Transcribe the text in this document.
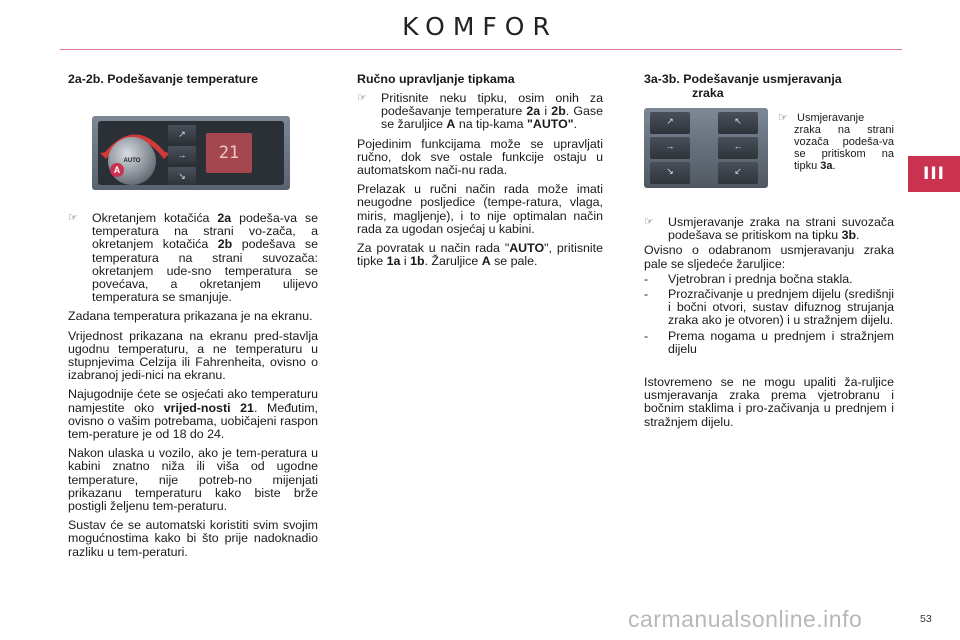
KOMFOR
III
2a-2b. Podešavanje temperature
AUTO
A
↗
→
↘
21
☞ Okretanjem kotačića 2a podeša-va se temperatura na strani vo-zača, a okretanjem kotačića 2b podešava se temperatura na strani suvozača: okretanjem ude-sno temperatura se povećava, a okretanjem ulijevo temperatura se smanjuje.

Zadana temperatura prikazana je na ekranu.

Vrijednost prikazana na ekranu pred-stavlja ugodnu temperaturu, a ne temperaturu u stupnjevima Celzija ili Fahrenheita, ovisno o izabranoj jedi-nici na ekranu.

Najugodnije ćete se osjećati ako temperaturu namjestite oko vrijed-nosti 21. Međutim, ovisno o vašim potrebama, uobičajeni raspon tem-perature je od 18 do 24.

Nakon ulaska u vozilo, ako je tem-peratura u kabini znatno niža ili viša od ugodne temperature, nije potreb-no mijenjati prikazanu temperaturu kako biste brže postigli željenu tem-peraturu.

Sustav će se automatski koristiti svim svojim mogućnostima kako bi što prije nadoknadio razliku u tem-peraturi.

Ručno upravljanje tipkama
☞ Pritisnite neku tipku, osim onih za podešavanje temperature 2a i 2b. Gase se žaruljice A na tip-kama "AUTO".

Pojedinim funkcijama može se upravljati ručno, dok sve ostale funkcije ostaju u automatskom nači-nu rada.

Prelazak u ručni način rada može imati neugodne posljedice (tempe-ratura, vlaga, miris, magljenje), i to nije optimalan način rada za ugodan osjećaj u kabini.

Za povratak u način rada "AUTO", pritisnite tipke 1a i 1b. Žaruljice A se pale.

3a-3b. Podešavanje usmjeravanja
zraka
↗
→
↘
↖
←
↙
☞ Usmjeravanje
zraka na strani vozača podeša-va se pritiskom na tipku 3a.
☞ Usmjeravanje zraka na strani suvozača podešava se pritiskom na tipku 3b.

Ovisno o odabranom usmjeravanju zraka pale se sljedeće žaruljice:

- Vjetrobran i prednja bočna stakla.
- Prozračivanje u prednjem dijelu (središnji i bočni otvori, sustav difuznog strujanja zraka ako je otvoren) i u stražnjem dijelu.
- Prema nogama u prednjem i stražnjem dijelu

Istovremeno se ne mogu upaliti ža-ruljice usmjeravanja zraka prema vjetrobranu i bočnim staklima i pro-začivanja u prednjem i stražnjem dijelu.

carmanualsonline.info	53
